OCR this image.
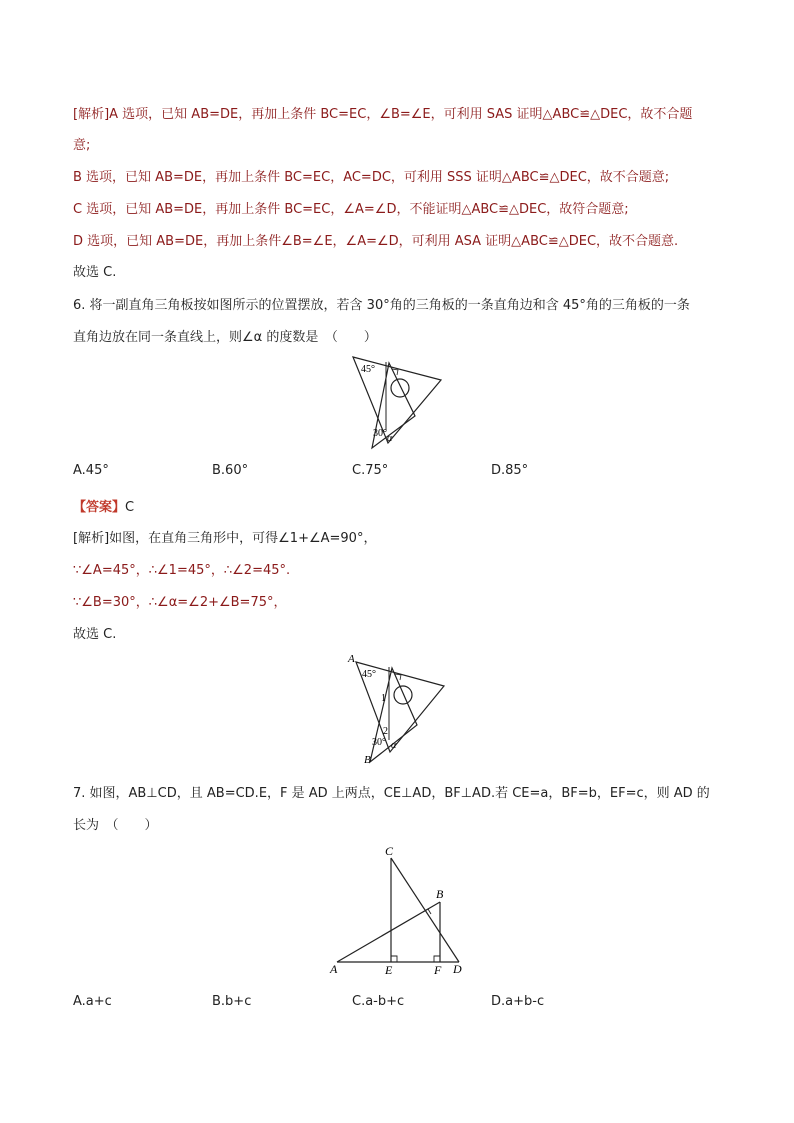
[解析]A 选项，已知 AB=DE，再加上条件 BC=EC，∠B=∠E，可利用 SAS 证明△ABC≌△DEC，故不合题
意;
B 选项，已知 AB=DE，再加上条件 BC=EC，AC=DC，可利用 SSS 证明△ABC≌△DEC，故不合题意;
C 选项，已知 AB=DE，再加上条件 BC=EC，∠A=∠D，不能证明△ABC≌△DEC，故符合题意;
D 选项，已知 AB=DE，再加上条件∠B=∠E，∠A=∠D，可利用 ASA 证明△ABC≌△DEC，故不合题意.
故选 C.
6. 将一副直角三角板按如图所示的位置摆放，若含 30°角的三角板的一条直角边和含 45°角的三角板的一条
直角边放在同一条直线上，则∠α 的度数是　（　　）
45°
30° α
A.45°	B.60°	C.75°	D.85°
【答案】C
[解析]如图，在直角三角形中，可得∠1+∠A=90°，
∵∠A=45°，∴∠1=45°，∴∠2=45°.
∵∠B=30°，∴∠α=∠2+∠B=75°，
故选 C.
A
45°
1
2
30° α
B
7. 如图，AB⊥CD，且 AB=CD.E，F 是 AD 上两点，CE⊥AD，BF⊥AD.若 CE=a，BF=b，EF=c，则 AD 的
长为　（　　）
C
B
A	E	F D
A.a+c	B.b+c	C.a-b+c	D.a+b-c
